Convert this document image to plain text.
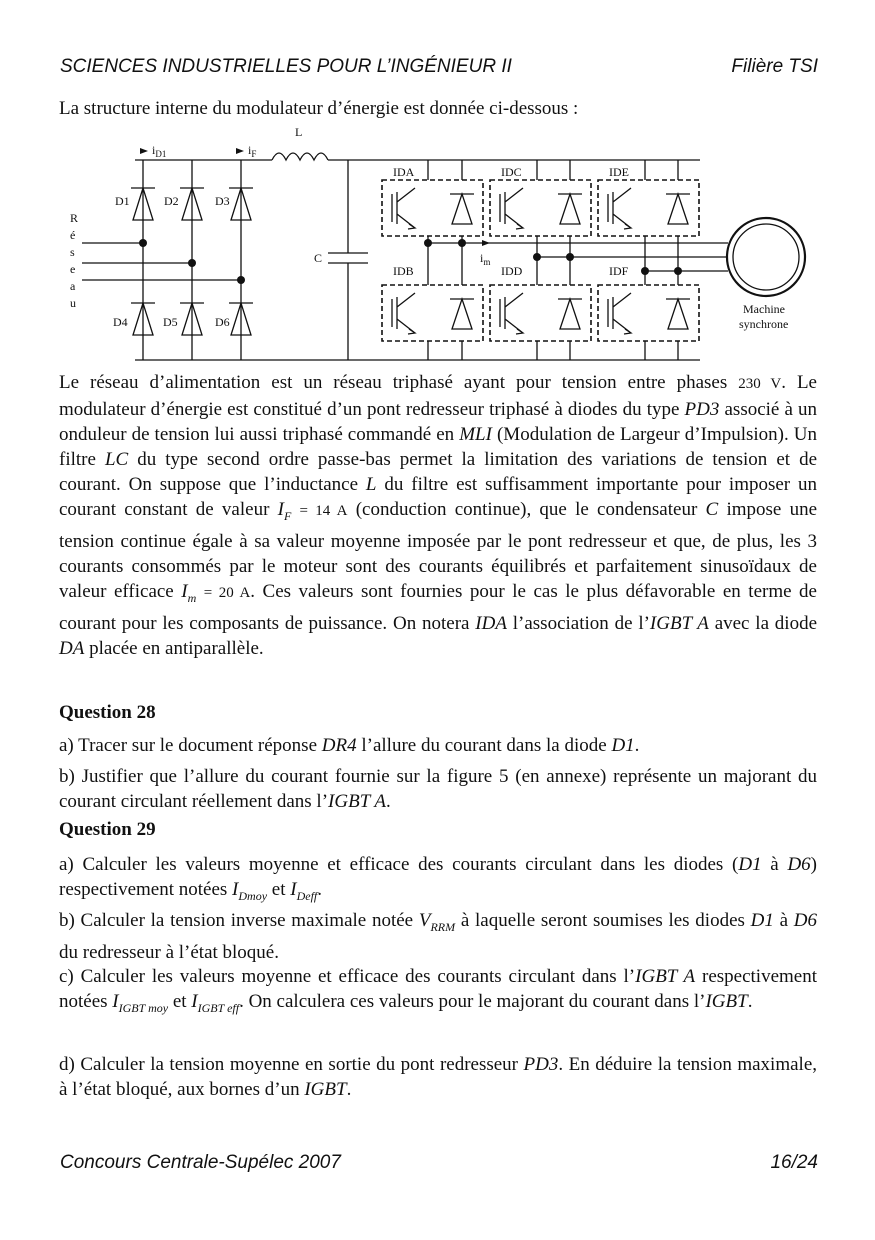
SCIENCES INDUSTRIELLES POUR L’INGÉNIEUR II	Filière TSI
La structure interne du modulateur d’énergie est donnée ci-dessous :
R
é
s
e
a
u
$i_{D1}$	$i_F$
$i_m$
L
C
D1	D2	D3
D4	D5	D6
IDA	IDC	IDE
IDB	IDD	IDF
Machine
synchrone
Le réseau d’alimentation est un réseau triphasé ayant pour tension entre phases 230 V. Le modulateur d’énergie est constitué d’un pont redresseur triphasé à diodes du type PD3 associé à un onduleur de tension lui aussi triphasé commandé en MLI (Modulation de Largeur d’Impulsion). Un filtre LC du type second ordre passe-bas permet la limitation des variations de tension et de courant. On suppose que l’inductance L du filtre est suffisamment importante pour imposer un courant constant de valeur $I_F = 14$ A (conduction continue), que le condensateur C impose une tension continue égale à sa valeur moyenne imposée par le pont redresseur et que, de plus, les 3 courants consommés par le moteur sont des courants équilibrés et parfaitement sinusoïdaux de valeur efficace $I_m = 20$ A. Ces valeurs sont fournies pour le cas le plus défavorable en terme de courant pour les composants de puissance. On notera IDA l’association de l’IGBT A avec la diode DA placée en antiparallèle.
Question 28
a) Tracer sur le document réponse DR4 l’allure du courant dans la diode D1.
b) Justifier que l’allure du courant fournie sur la figure 5 (en annexe) représente un majorant du courant circulant réellement dans l’IGBT A.
Question 29
a) Calculer les valeurs moyenne et efficace des courants circulant dans les diodes (D1 à D6) respectivement notées $I_{Dmoy}$ et $I_{Deff}$.
b) Calculer la tension inverse maximale notée $V_{RRM}$ à laquelle seront soumises les diodes D1 à D6 du redresseur à l’état bloqué.
c) Calculer les valeurs moyenne et efficace des courants circulant dans l’IGBT A respectivement notées $I_{IGBT moy}$ et $I_{IGBT eff}$. On calculera ces valeurs pour le majorant du courant dans l’IGBT.
d) Calculer la tension moyenne en sortie du pont redresseur PD3. En déduire la tension maximale, à l’état bloqué, aux bornes d’un IGBT.
Concours Centrale-Supélec 2007	16/24
